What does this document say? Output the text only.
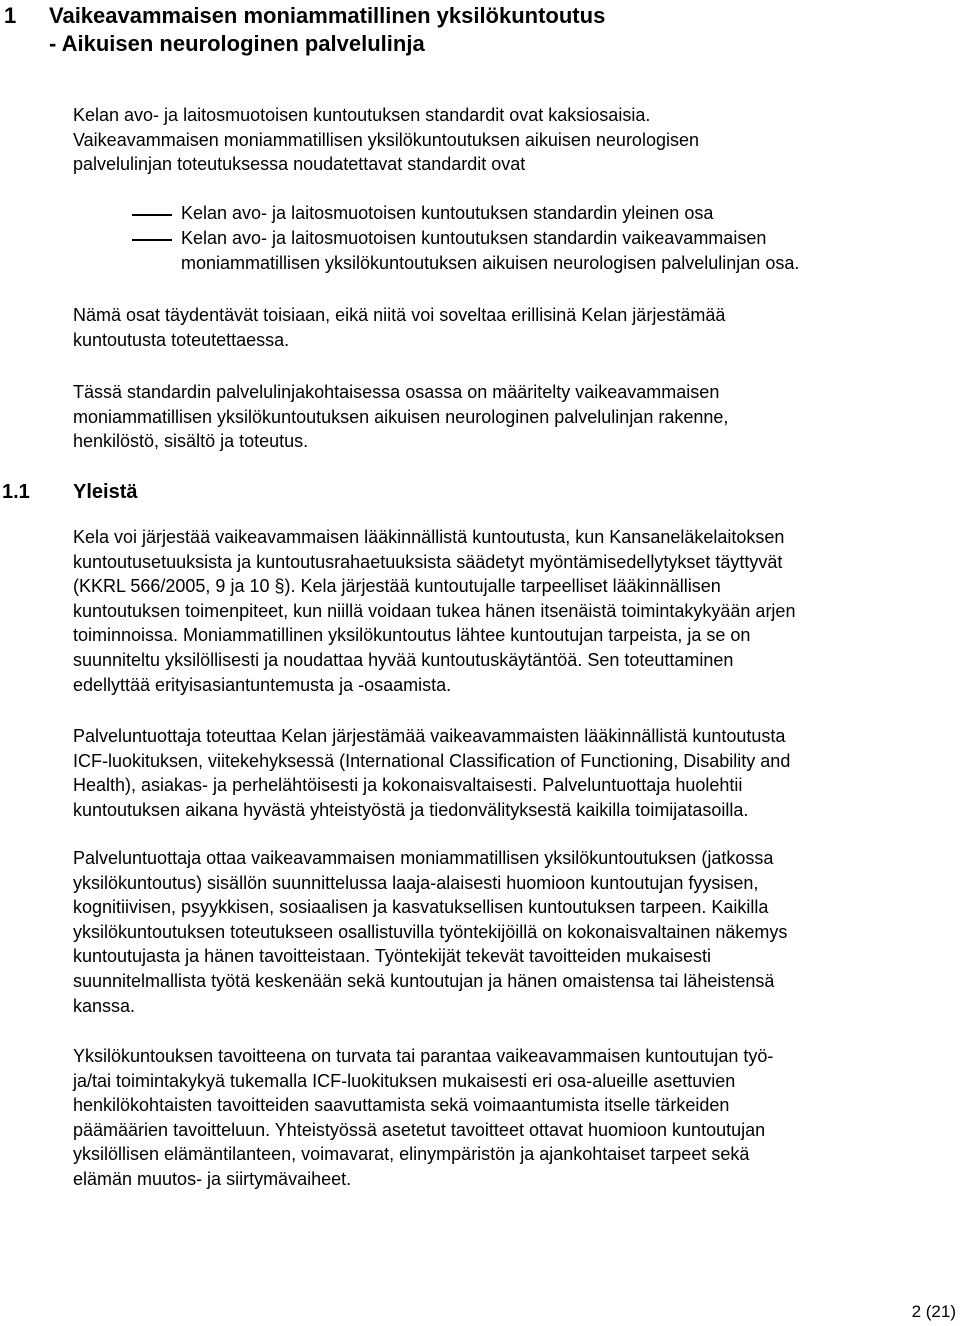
1 Vaikeavammaisen moniammatillinen yksilökuntoutus
- Aikuisen neurologinen palvelulinja
Kelan avo- ja laitosmuotoisen kuntoutuksen standardit ovat kaksiosaisia.
Vaikeavammaisen moniammatillisen yksilökuntoutuksen aikuisen neurologisen
palvelulinjan toteutuksessa noudatettavat standardit ovat
Kelan avo- ja laitosmuotoisen kuntoutuksen standardin yleinen osa
Kelan avo- ja laitosmuotoisen kuntoutuksen standardin vaikeavammaisen
moniammatillisen yksilökuntoutuksen aikuisen neurologisen palvelulinjan osa.
Nämä osat täydentävät toisiaan, eikä niitä voi soveltaa erillisinä Kelan järjestämää
kuntoutusta toteutettaessa.
Tässä standardin palvelulinjakohtaisessa osassa on määritelty vaikeavammaisen
moniammatillisen yksilökuntoutuksen aikuisen neurologinen palvelulinjan rakenne,
henkilöstö, sisältö ja toteutus.
1.1 Yleistä
Kela voi järjestää vaikeavammaisen lääkinnällistä kuntoutusta, kun Kansaneläkelaitoksen
kuntoutusetuuksista ja kuntoutusrahaetuuksista säädetyt myöntämisedellytykset täyttyvät
(KKRL 566/2005, 9 ja 10 §). Kela järjestää kuntoutujalle tarpeelliset lääkinnällisen
kuntoutuksen toimenpiteet, kun niillä voidaan tukea hänen itsenäistä toimintakykyään arjen
toiminnoissa. Moniammatillinen yksilökuntoutus lähtee kuntoutujan tarpeista, ja se on
suunniteltu yksilöllisesti ja noudattaa hyvää kuntoutuskäytäntöä. Sen toteuttaminen
edellyttää erityisasiantuntemusta ja -osaamista.
Palveluntuottaja toteuttaa Kelan järjestämää vaikeavammaisten lääkinnällistä kuntoutusta
ICF-luokituksen, viitekehyksessä (International Classification of Functioning, Disability and
Health), asiakas- ja perhelähtöisesti ja kokonaisvaltaisesti. Palveluntuottaja huolehtii
kuntoutuksen aikana hyvästä yhteistyöstä ja tiedonvälityksestä kaikilla toimijatasoilla.
Palveluntuottaja ottaa vaikeavammaisen moniammatillisen yksilökuntoutuksen (jatkossa
yksilökuntoutus) sisällön suunnittelussa laaja-alaisesti huomioon kuntoutujan fyysisen,
kognitiivisen, psyykkisen, sosiaalisen ja kasvatuksellisen kuntoutuksen tarpeen. Kaikilla
yksilökuntoutuksen toteutukseen osallistuvilla työntekijöillä on kokonaisvaltainen näkemys
kuntoutujasta ja hänen tavoitteistaan. Työntekijät tekevät tavoitteiden mukaisesti
suunnitelmallista työtä keskenään sekä kuntoutujan ja hänen omaistensa tai läheistensä
kanssa.
Yksilökuntouksen tavoitteena on turvata tai parantaa vaikeavammaisen kuntoutujan työ-
ja/tai toimintakykyä tukemalla ICF-luokituksen mukaisesti eri osa-alueille asettuvien
henkilökohtaisten tavoitteiden saavuttamista sekä voimaantumista itselle tärkeiden
päämäärien tavoitteluun. Yhteistyössä asetetut tavoitteet ottavat huomioon kuntoutujan
yksilöllisen elämäntilanteen, voimavarat, elinympäristön ja ajankohtaiset tarpeet sekä
elämän muutos- ja siirtymävaiheet.
2 (21)
